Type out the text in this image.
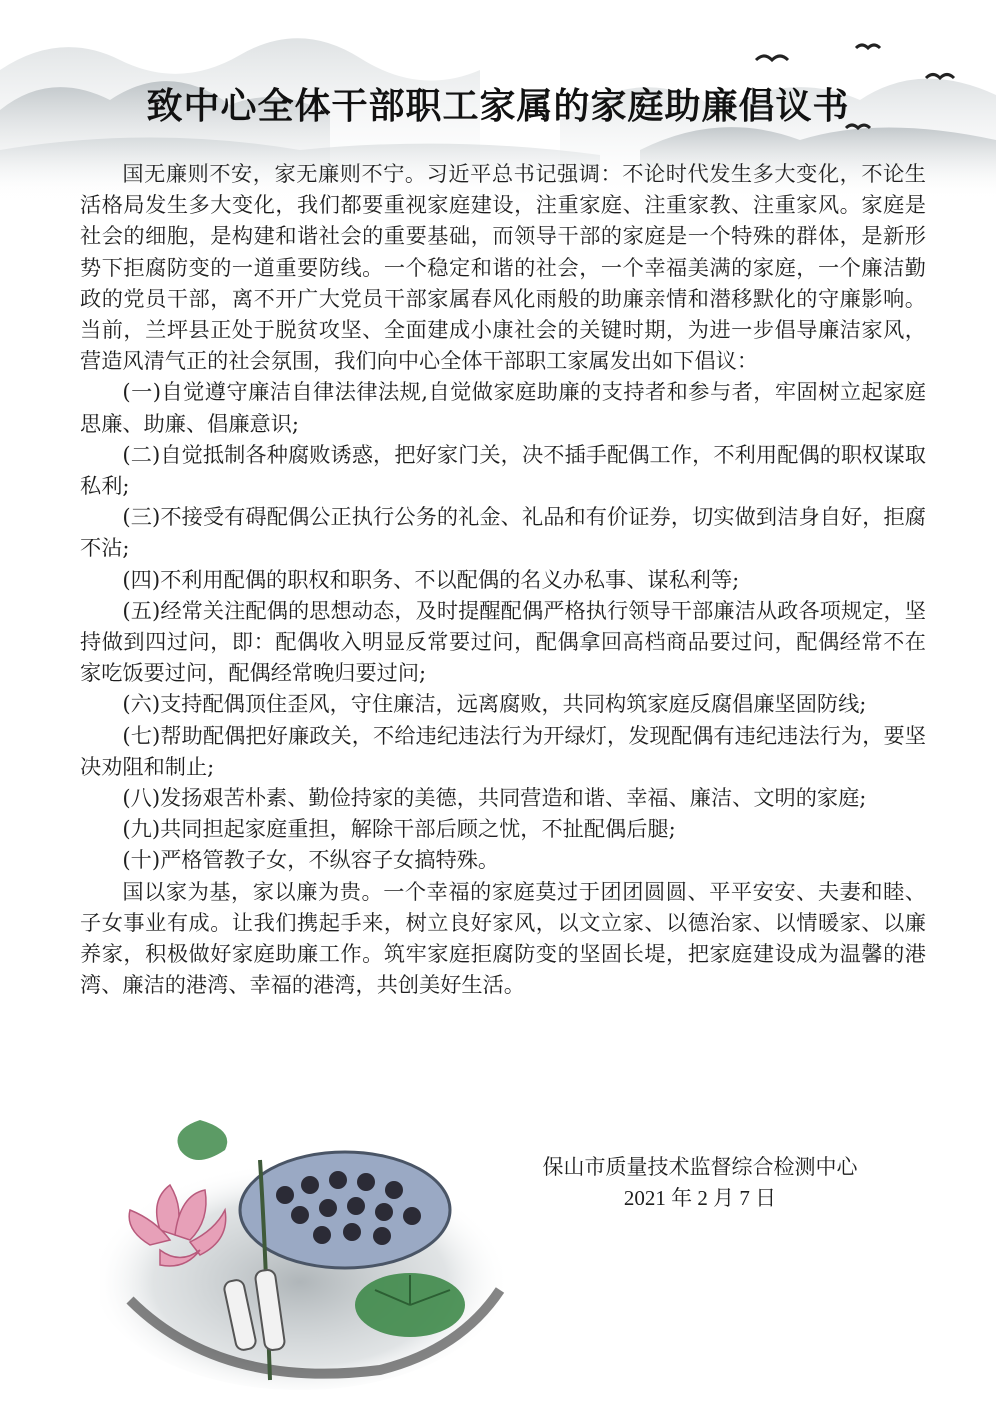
致中心全体干部职工家属的家庭助廉倡议书

国无廉则不安，家无廉则不宁。习近平总书记强调：不论时代发生多大变化，不论生活格局发生多大变化，我们都要重视家庭建设，注重家庭、注重家教、注重家风。家庭是社会的细胞，是构建和谐社会的重要基础，而领导干部的家庭是一个特殊的群体，是新形势下拒腐防变的一道重要防线。一个稳定和谐的社会，一个幸福美满的家庭，一个廉洁勤政的党员干部，离不开广大党员干部家属春风化雨般的助廉亲情和潜移默化的守廉影响。当前，兰坪县正处于脱贫攻坚、全面建成小康社会的关键时期，为进一步倡导廉洁家风，营造风清气正的社会氛围，我们向中心全体干部职工家属发出如下倡议：

(一)自觉遵守廉洁自律法律法规,自觉做家庭助廉的支持者和参与者，牢固树立起家庭思廉、助廉、倡廉意识;

(二)自觉抵制各种腐败诱惑，把好家门关，决不插手配偶工作，不利用配偶的职权谋取私利;

(三)不接受有碍配偶公正执行公务的礼金、礼品和有价证券，切实做到洁身自好，拒腐不沾;

(四)不利用配偶的职权和职务、不以配偶的名义办私事、谋私利等;

(五)经常关注配偶的思想动态，及时提醒配偶严格执行领导干部廉洁从政各项规定，坚持做到四过问，即：配偶收入明显反常要过问，配偶拿回高档商品要过问，配偶经常不在家吃饭要过问，配偶经常晚归要过问;

(六)支持配偶顶住歪风，守住廉洁，远离腐败，共同构筑家庭反腐倡廉坚固防线;

(七)帮助配偶把好廉政关，不给违纪违法行为开绿灯，发现配偶有违纪违法行为，要坚决劝阻和制止;

(八)发扬艰苦朴素、勤俭持家的美德，共同营造和谐、幸福、廉洁、文明的家庭;

(九)共同担起家庭重担，解除干部后顾之忧，不扯配偶后腿;

(十)严格管教子女，不纵容子女搞特殊。

国以家为基，家以廉为贵。一个幸福的家庭莫过于团团圆圆、平平安安、夫妻和睦、子女事业有成。让我们携起手来，树立良好家风，以文立家、以德治家、以情暖家、以廉养家，积极做好家庭助廉工作。筑牢家庭拒腐防变的坚固长堤，把家庭建设成为温馨的港湾、廉洁的港湾、幸福的港湾，共创美好生活。

保山市质量技术监督综合检测中心
2021 年 2 月 7 日
